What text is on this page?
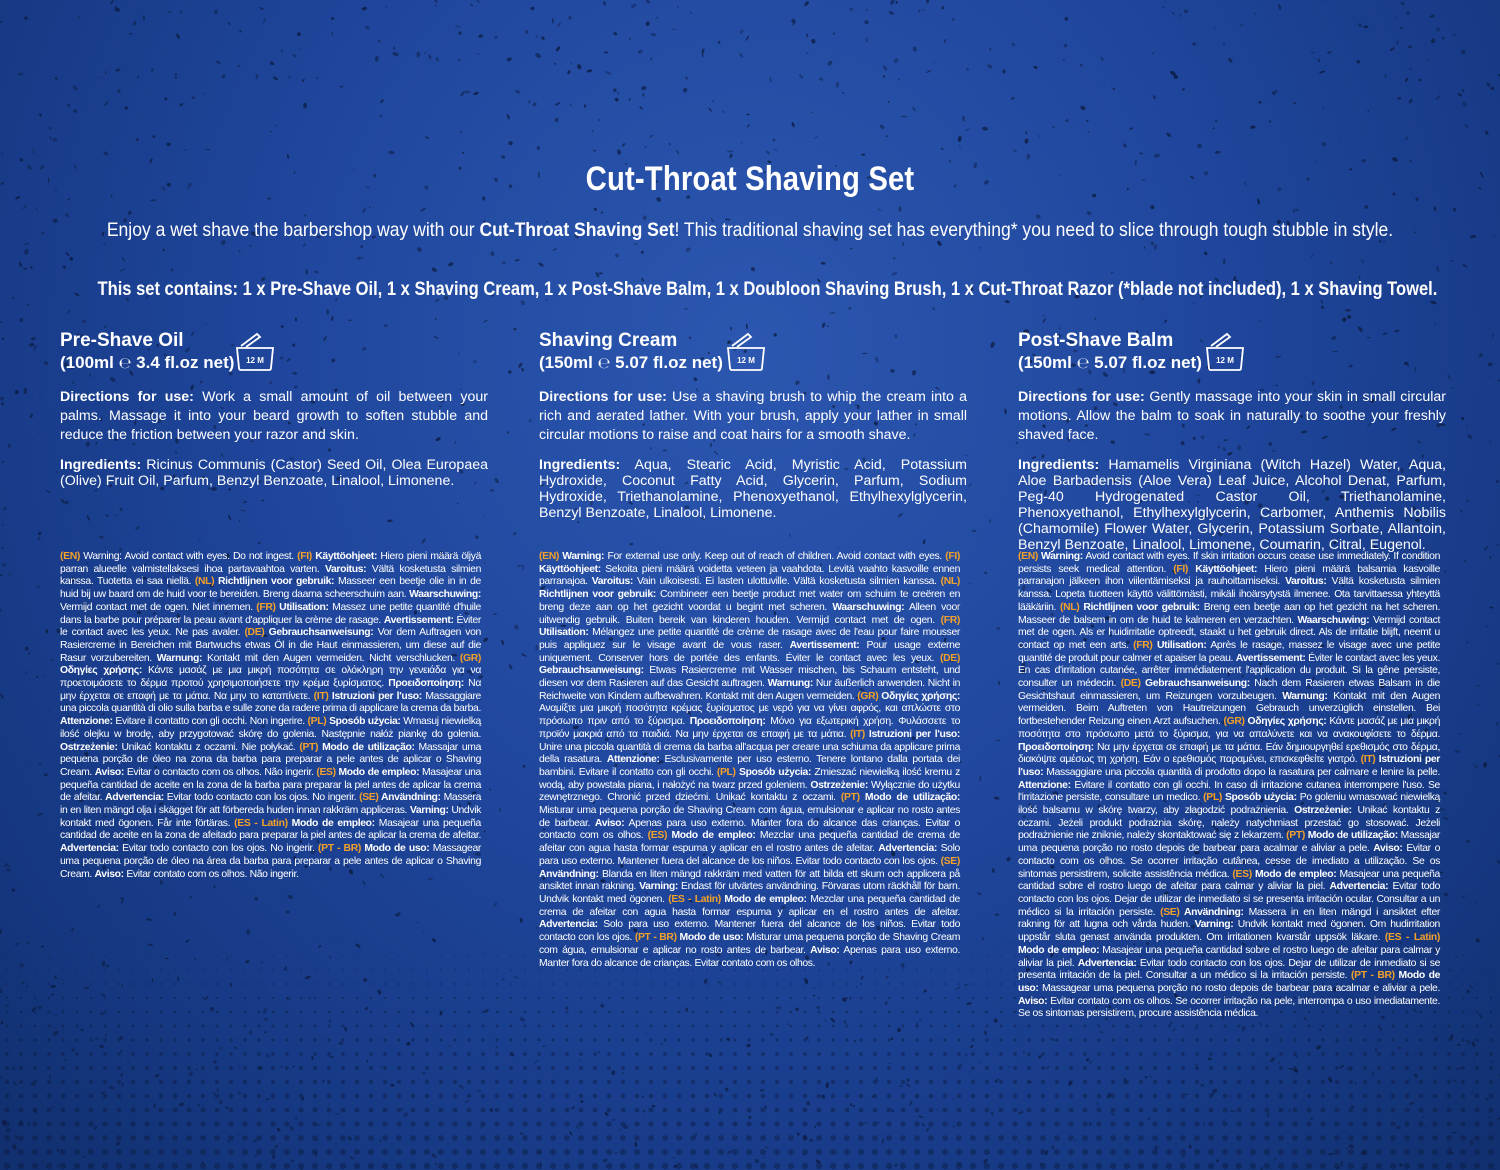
Cut-Throat Shaving Set
Enjoy a wet shave the barbershop way with our Cut-Throat Shaving Set! This traditional shaving set has everything* you need to slice through tough stubble in style.
This set contains: 1 x Pre-Shave Oil, 1 x Shaving Cream, 1 x Post-Shave Balm, 1 x Doubloon Shaving Brush, 1 x Cut-Throat Razor (*blade not included), 1 x Shaving Towel.
Pre-Shave Oil
(100ml ℮ 3.4 fl.oz net) 12 M
Directions for use: Work a small amount of oil between your palms. Massage it into your beard growth to soften stubble and reduce the friction between your razor and skin.
Ingredients: Ricinus Communis (Castor) Seed Oil, Olea Europaea (Olive) Fruit Oil, Parfum, Benzyl Benzoate, Linalool, Limonene.
Shaving Cream
(150ml ℮ 5.07 fl.oz net) 12 M
Directions for use: Use a shaving brush to whip the cream into a rich and aerated lather. With your brush, apply your lather in small circular motions to raise and coat hairs for a smooth shave.
Ingredients: Aqua, Stearic Acid, Myristic Acid, Potassium Hydroxide, Coconut Fatty Acid, Glycerin, Parfum, Sodium Hydroxide, Triethanolamine, Phenoxyethanol, Ethylhexylglycerin, Benzyl Benzoate, Linalool, Limonene.
Post-Shave Balm
(150ml ℮ 5.07 fl.oz net) 12 M
Directions for use: Gently massage into your skin in small circular motions. Allow the balm to soak in naturally to soothe your freshly shaved face.
Ingredients: Hamamelis Virginiana (Witch Hazel) Water, Aqua, Aloe Barbadensis (Aloe Vera) Leaf Juice, Alcohol Denat, Parfum, Peg-40 Hydrogenated Castor Oil, Triethanolamine, Phenoxyethanol, Ethylhexylglycerin, Carbomer, Anthemis Nobilis (Chamomile) Flower Water, Glycerin, Potassium Sorbate, Allantoin, Benzyl Benzoate, Linalool, Limonene, Coumarin, Citral, Eugenol.
(EN) Warning: Avoid contact with eyes. Do not ingest. (FI) Käyttöohjeet: Hiero pieni määrä öljyä parran alueelle valmistellaksesi ihoa partavaahtoa varten. Varoitus: Vältä kosketusta silmien kanssa. Tuotetta ei saa niellä. (NL) Richtlijnen voor gebruik: Masseer een beetje olie in in de huid bij uw baard om de huid voor te bereiden. Breng daarna scheerschuim aan. Waarschuwing: Vermijd contact met de ogen. Niet innemen. (FR) Utilisation: Massez une petite quantité d'huile dans la barbe pour préparer la peau avant d'appliquer la crème de rasage. Avertissement: Éviter le contact avec les yeux. Ne pas avaler. (DE) Gebrauchsanweisung: Vor dem Auftragen von Rasiercreme in Bereichen mit Bartwuchs etwas Öl in die Haut einmassieren, um diese auf die Rasur vorzubereiten. Warnung: Kontakt mit den Augen vermeiden. Nicht verschlucken. (GR) Οδηγίες χρήσης: Κάντε μασάζ με μια μικρή ποσότητα σε ολόκληρη την γενειάδα για να προετοιμάσετε το δέρμα προτού χρησιμοποιήσετε την κρέμα ξυρίσματος. Προειδοποίηση: Να μην έρχεται σε επαφή με τα μάτια. Να μην το καταπίνετε. (IT) Istruzioni per l'uso: Massaggiare una piccola quantità di olio sulla barba e sulle zone da radere prima di applicare la crema da barba. Attenzione: Evitare il contatto con gli occhi. Non ingerire. (PL) Sposób użycia: Wmasuj niewielką ilość olejku w brodę, aby przygotować skórę do golenia. Następnie nałóż piankę do golenia. Ostrzeżenie: Unikać kontaktu z oczami. Nie połykać. (PT) Modo de utilização: Massajar uma pequena porção de óleo na zona da barba para preparar a pele antes de aplicar o Shaving Cream. Aviso: Evitar o contacto com os olhos. Não ingerir. (ES) Modo de empleo: Masajear una pequeña cantidad de aceite en la zona de la barba para preparar la piel antes de aplicar la crema de afeitar. Advertencia: Evitar todo contacto con los ojos. No ingerir. (SE) Användning: Massera in en liten mängd olja i skägget för att förbereda huden innan rakkräm appliceras. Varning: Undvik kontakt med ögonen. Får inte förtäras. (ES - Latin) Modo de empleo: Masajear una pequeña cantidad de aceite en la zona de afeitado para preparar la piel antes de aplicar la crema de afeitar. Advertencia: Evitar todo contacto con los ojos. No ingerir. (PT - BR) Modo de uso: Massagear uma pequena porção de óleo na área da barba para preparar a pele antes de aplicar o Shaving Cream. Aviso: Evitar contato com os olhos. Não ingerir.
(EN) Warning: For external use only. Keep out of reach of children. Avoid contact with eyes. (FI) Käyttöohjeet: Sekoita pieni määrä voidetta veteen ja vaahdota. Levitä vaahto kasvoille ennen parranajoa. Varoitus: Vain ulkoisesti. Ei lasten ulottuville. Vältä kosketusta silmien kanssa. (NL) Richtlijnen voor gebruik: Combineer een beetje product met water om schuim te creëren en breng deze aan op het gezicht voordat u begint met scheren. Waarschuwing: Alleen voor uitwendig gebruik. Buiten bereik van kinderen houden. Vermijd contact met de ogen. (FR) Utilisation: Mélangez une petite quantité de crème de rasage avec de l'eau pour faire mousser puis appliquez sur le visage avant de vous raser. Avertissement: Pour usage externe uniquement. Conserver hors de portée des enfants. Éviter le contact avec les yeux. (DE) Gebrauchsanweisung: Etwas Rasiercreme mit Wasser mischen, bis Schaum entsteht, und diesen vor dem Rasieren auf das Gesicht auftragen. Warnung: Nur äußerlich anwenden. Nicht in Reichweite von Kindern aufbewahren. Kontakt mit den Augen vermeiden. (GR) Οδηγίες χρήσης: Αναμίξτε μια μικρή ποσότητα κρέμας ξυρίσματος με νερό για να γίνει αφρός, και απλώστε στο πρόσωπο πριν από το ξύρισμα. Προειδοποίηση: Μόνο για εξωτερική χρήση. Φυλάσσετε το προϊόν μακριά από τα παιδιά. Να μην έρχεται σε επαφή με τα μάτια. (IT) Istruzioni per l'uso: Unire una piccola quantità di crema da barba all'acqua per creare una schiuma da applicare prima della rasatura. Attenzione: Esclusivamente per uso esterno. Tenere lontano dalla portata dei bambini. Evitare il contatto con gli occhi. (PL) Sposób użycia: Zmieszać niewielką ilość kremu z wodą, aby powstała piana, i nałożyć na twarz przed goleniem. Ostrzeżenie: Wyłącznie do użytku zewnętrznego. Chronić przed dziećmi. Unikać kontaktu z oczami. (PT) Modo de utilização: Misturar uma pequena porção de Shaving Cream com água, emulsionar e aplicar no rosto antes de barbear. Aviso: Apenas para uso externo. Manter fora do alcance das crianças. Evitar o contacto com os olhos. (ES) Modo de empleo: Mezclar una pequeña cantidad de crema de afeitar con agua hasta formar espuma y aplicar en el rostro antes de afeitar. Advertencia: Solo para uso externo. Mantener fuera del alcance de los niños. Evitar todo contacto con los ojos. (SE) Användning: Blanda en liten mängd rakkräm med vatten för att bilda ett skum och applicera på ansiktet innan rakning. Varning: Endast för utvärtes användning. Förvaras utom räckhåll för barn. Undvik kontakt med ögonen. (ES - Latin) Modo de empleo: Mezclar una pequeña cantidad de crema de afeitar con agua hasta formar espuma y aplicar en el rostro antes de afeitar. Advertencia: Solo para uso externo. Mantener fuera del alcance de los niños. Evitar todo contacto con los ojos. (PT - BR) Modo de uso: Misturar uma pequena porção de Shaving Cream com água, emulsionar e aplicar no rosto antes de barbear. Aviso: Apenas para uso externo. Manter fora do alcance de crianças. Evitar contato com os olhos.
(EN) Warning: Avoid contact with eyes. If skin irritation occurs cease use immediately. If condition persists seek medical attention. (FI) Käyttöohjeet: Hiero pieni määrä balsamia kasvoille parranajon jälkeen ihon viilentämiseksi ja rauhoittamiseksi. Varoitus: Vältä kosketusta silmien kanssa. Lopeta tuotteen käyttö välittömästi, mikäli ihoärsytystä ilmenee. Ota tarvittaessa yhteyttä lääkäriin. (NL) Richtlijnen voor gebruik: Breng een beetje aan op het gezicht na het scheren. Masseer de balsem in om de huid te kalmeren en verzachten. Waarschuwing: Vermijd contact met de ogen. Als er huidirritatie optreedt, staakt u het gebruik direct. Als de irritatie blijft, neemt u contact op met een arts. (FR) Utilisation: Après le rasage, massez le visage avec une petite quantité de produit pour calmer et apaiser la peau. Avertissement: Éviter le contact avec les yeux. En cas d'irritation cutanée, arrêter immédiatement l'application du produit. Si la gêne persiste, consulter un médecin. (DE) Gebrauchsanweisung: Nach dem Rasieren etwas Balsam in die Gesichtshaut einmassieren, um Reizungen vorzubeugen. Warnung: Kontakt mit den Augen vermeiden. Beim Auftreten von Hautreizungen Gebrauch unverzüglich einstellen. Bei fortbestehender Reizung einen Arzt aufsuchen. (GR) Οδηγίες χρήσης: Κάντε μασάζ με μια μικρή ποσότητα στο πρόσωπο μετά το ξύρισμα, για να απαλύνετε και να ανακουφίσετε το δέρμα. Προειδοποίηση: Να μην έρχεται σε επαφή με τα μάτια. Εάν δημιουργηθεί ερεθισμός στο δέρμα, διακόψτε αμέσως τη χρήση. Εάν ο ερεθισμός παραμένει, επισκεφθείτε γιατρό. (IT) Istruzioni per l'uso: Massaggiare una piccola quantità di prodotto dopo la rasatura per calmare e lenire la pelle. Attenzione: Evitare il contatto con gli occhi. In caso di irritazione cutanea interrompere l'uso. Se l'irritazione persiste, consultare un medico. (PL) Sposób użycia: Po goleniu wmasować niewielką ilość balsamu w skórę twarzy, aby złagodzić podrażnienia. Ostrzeżenie: Unikać kontaktu z oczami. Jeżeli produkt podrażnia skórę, należy natychmiast przestać go stosować. Jeżeli podrażnienie nie zniknie, należy skontaktować się z lekarzem. (PT) Modo de utilização: Massajar uma pequena porção no rosto depois de barbear para acalmar e aliviar a pele. Aviso: Evitar o contacto com os olhos. Se ocorrer irritação cutânea, cesse de imediato a utilização. Se os sintomas persistirem, solicite assistência médica. (ES) Modo de empleo: Masajear una pequeña cantidad sobre el rostro luego de afeitar para calmar y aliviar la piel. Advertencia: Evitar todo contacto con los ojos. Dejar de utilizar de inmediato si se presenta irritación ocular. Consultar a un médico si la irritación persiste. (SE) Användning: Massera in en liten mängd i ansiktet efter rakning för att lugna och vårda huden. Varning: Undvik kontakt med ögonen. Om hudirritation uppstår sluta genast använda produkten. Om irritationen kvarstår uppsök läkare. (ES - Latin) Modo de empleo: Masajear una pequeña cantidad sobre el rostro luego de afeitar para calmar y aliviar la piel. Advertencia: Evitar todo contacto con los ojos. Dejar de utilizar de inmediato si se presenta irritación de la piel. Consultar a un médico si la irritación persiste. (PT - BR) Modo de uso: Massagear uma pequena porção no rosto depois de barbear para acalmar e aliviar a pele. Aviso: Evitar contato com os olhos. Se ocorrer irritação na pele, interrompa o uso imediatamente. Se os sintomas persistirem, procure assistência médica.
